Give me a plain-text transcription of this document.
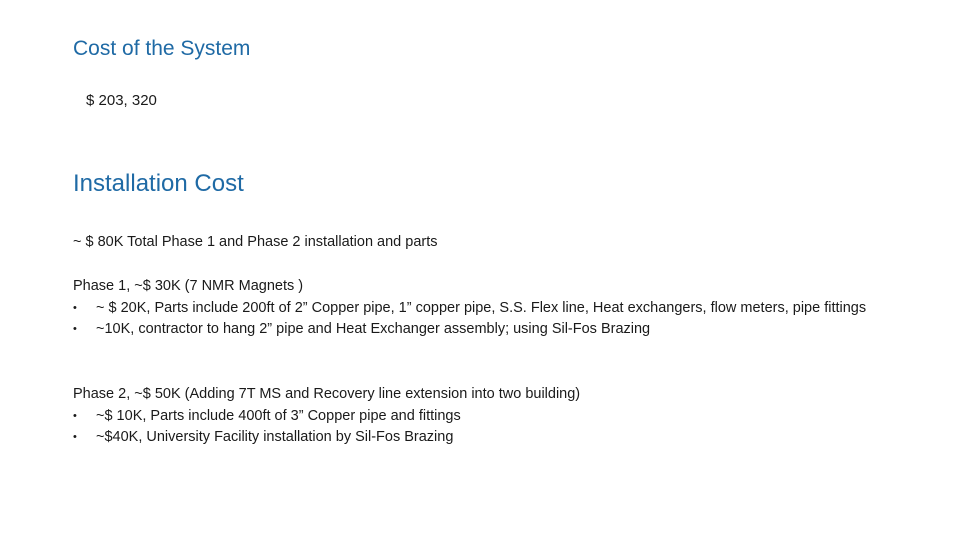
Cost of the System
$ 203, 320
Installation Cost
~ $ 80K Total Phase 1 and Phase 2 installation and parts
Phase 1, ~$ 30K (7 NMR Magnets )
•	~ $ 20K, Parts include 200ft of 2” Copper pipe, 1” copper pipe, S.S. Flex line, Heat exchangers, flow meters, pipe fittings
•	~10K, contractor to hang 2” pipe and Heat Exchanger assembly; using Sil-Fos Brazing
Phase 2, ~$ 50K (Adding 7T MS and Recovery line extension into two building)
•	~$ 10K, Parts include 400ft of 3” Copper pipe and fittings
•	~$40K, University Facility installation by Sil-Fos Brazing
